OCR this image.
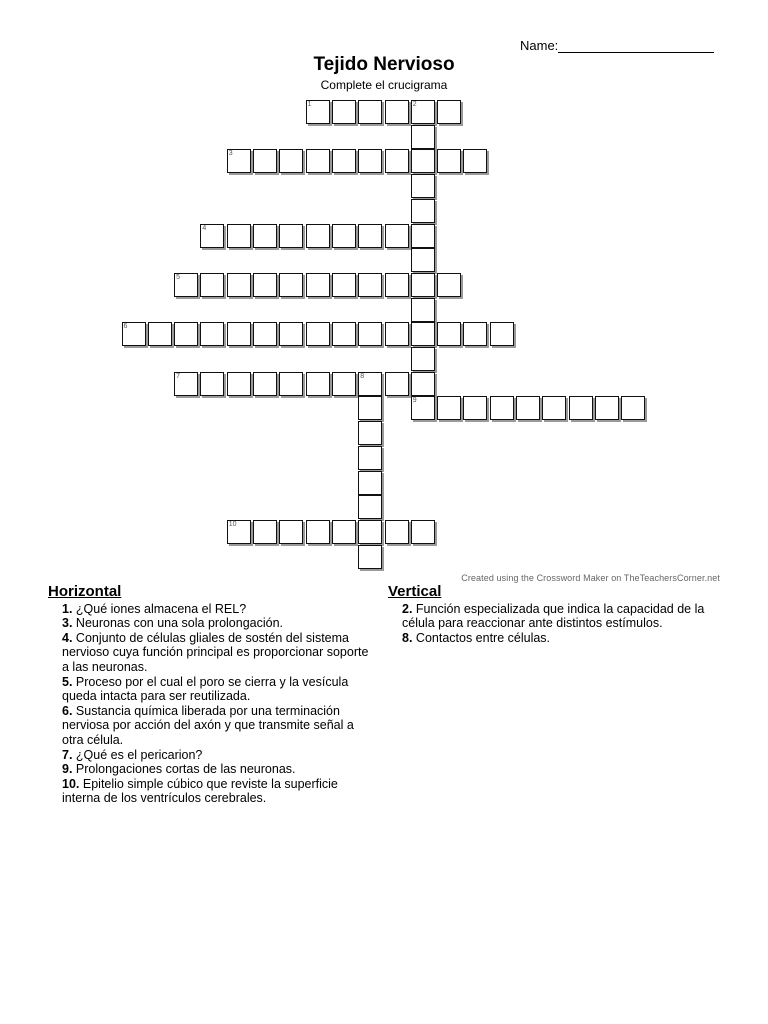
Name:
Tejido Nervioso
Complete el crucigrama
1	2
3
4
5
6
7	8
9
10
Created using the Crossword Maker on TheTeachersCorner.net
Horizontal
1. ¿Qué iones almacena el REL?
3. Neuronas con una sola prolongación.
4. Conjunto de células gliales de sostén del sistema nervioso cuya función principal es proporcionar soporte a las neuronas.
5. Proceso por el cual el poro se cierra y la vesícula queda intacta para ser reutilizada.
6. Sustancia química liberada por una terminación nerviosa por acción del axón y que transmite señal a otra célula.
7. ¿Qué es el pericarion?
9. Prolongaciones cortas de las neuronas.
10. Epitelio simple cúbico que reviste la superficie interna de los ventrículos cerebrales.
Vertical
2. Función especializada que indica la capacidad de la célula para reaccionar ante distintos estímulos.
8. Contactos entre células.
